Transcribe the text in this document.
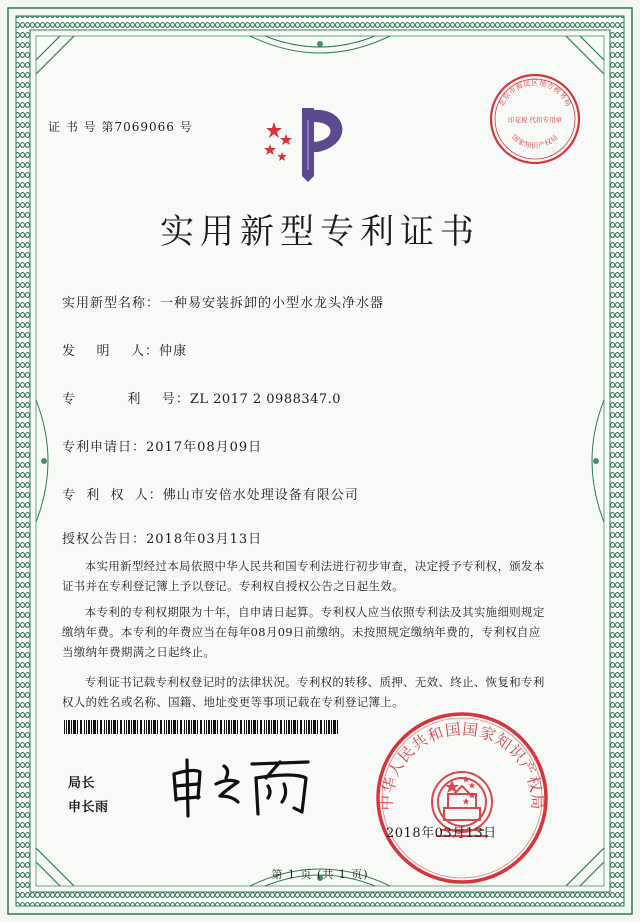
证 书 号 第7069066 号
北京市海淀区地方税务局
国家知识产权局
印花税 代扣专用章
实用新型专利证书
实用新型名称：一种易安装拆卸的小型水龙头净水器
发    明    人：仲康
专          利    号：ZL 2017 2 0988347.0
专利申请日：2017年08月09日
专  利  权  人：佛山市安倍水处理设备有限公司
授权公告日：2018年03月13日

本实用新型经过本局依照中华人民共和国专利法进行初步审查，决定授予专利权，颁发本证书并在专利登记簿上予以登记。专利权自授权公告之日起生效。

本专利的专利权期限为十年，自申请日起算。专利权人应当依照专利法及其实施细则规定缴纳年费。本专利的年费应当在每年08月09日前缴纳。未按照规定缴纳年费的，专利权自应当缴纳年费期满之日起终止。

专利证书记载专利权登记时的法律状况。专利权的转移、质押、无效、终止、恢复和专利权人的姓名或名称、国籍、地址变更等事项记载在专利登记簿上。

局长
申长雨	中华人民共和国国家知识产权局
2018年03月13日
第 1 页 (共 1 页)
